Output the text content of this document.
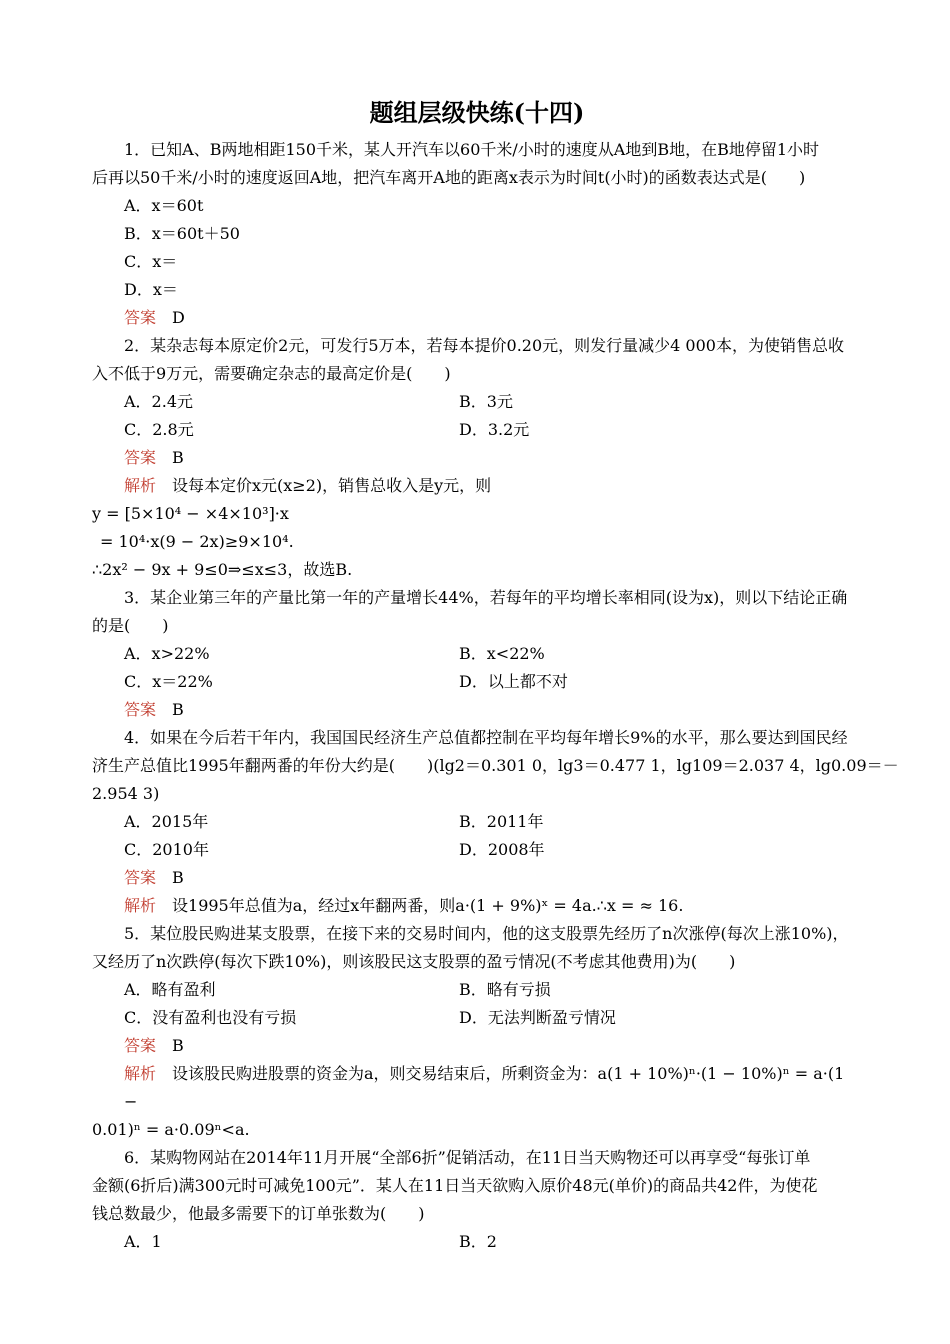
题组层级快练(十四)
1．已知A、B两地相距150千米，某人开汽车以60千米/小时的速度从A地到B地，在B地停留1小时
后再以50千米/小时的速度返回A地，把汽车离开A地的距离x表示为时间t(小时)的函数表达式是(　　)
A．x＝60t
B．x＝60t＋50
C．x＝
D．x＝
答案 D
2．某杂志每本原定价2元，可发行5万本，若每本提价0.20元，则发行量减少4 000本，为使销售总收
入不低于9万元，需要确定杂志的最高定价是(　　)
A．2.4元	B．3元
C．2.8元	D．3.2元
答案 B
解析 设每本定价x元(x≥2)，销售总收入是y元，则
y = [5×10⁴ − ×4×10³]·x
= 10⁴·x(9 − 2x)≥9×10⁴.
∴2x² − 9x + 9≤0⇒≤x≤3，故选B.
3．某企业第三年的产量比第一年的产量增长44%，若每年的平均增长率相同(设为x)，则以下结论正确
的是(　　)
A．x>22%	B．x<22%
C．x＝22%	D．以上都不对
答案 B
4．如果在今后若干年内，我国国民经济生产总值都控制在平均每年增长9%的水平，那么要达到国民经
济生产总值比1995年翻两番的年份大约是(　　)(lg2＝0.301 0，lg3＝0.477 1，lg109＝2.037 4，lg0.09＝－
2.954 3)
A．2015年	B．2011年
C．2010年	D．2008年
答案 B
解析 设1995年总值为a，经过x年翻两番，则a·(1 + 9%)ˣ = 4a.∴x = ≈ 16.
5．某位股民购进某支股票，在接下来的交易时间内，他的这支股票先经历了n次涨停(每次上涨10%)，
又经历了n次跌停(每次下跌10%)，则该股民这支股票的盈亏情况(不考虑其他费用)为(　　)
A．略有盈利	B．略有亏损
C．没有盈利也没有亏损	D．无法判断盈亏情况
答案 B
解析 设该股民购进股票的资金为a，则交易结束后，所剩资金为：a(1 + 10%)ⁿ·(1 − 10%)ⁿ = a·(1 −
0.01)ⁿ = a·0.09ⁿ<a.
6．某购物网站在2014年11月开展“全部6折”促销活动，在11日当天购物还可以再享受“每张订单
金额(6折后)满300元时可减免100元”．某人在11日当天欲购入原价48元(单价)的商品共42件，为使花
钱总数最少，他最多需要下的订单张数为(　　)
A．1	B．2
